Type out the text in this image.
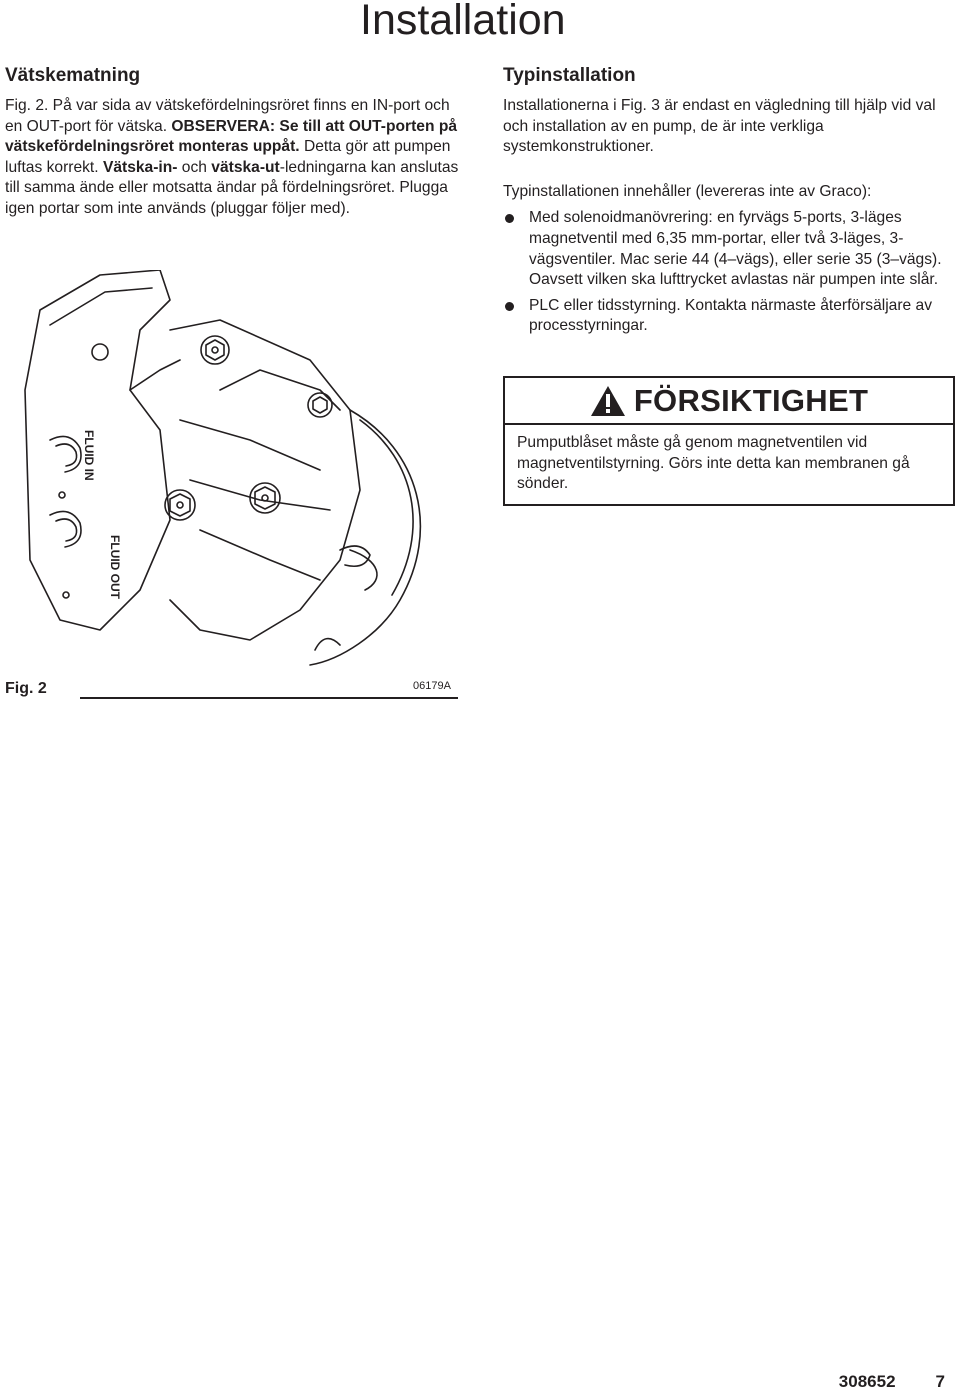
Installation
Vätskematning

Fig. 2. På var sida av vätskefördelningsröret finns en IN-port och en OUT-port för vätska. OBSERVERA: Se till att OUT-porten på vätskefördelningsröret monteras uppåt. Detta gör att pumpen luftas korrekt. Vätska-in- och vätska-ut-ledningarna kan anslutas till samma ände eller motsatta ändar på fördelningsröret. Plugga igen portar som inte används (pluggar följer med).

Typinstallation

Installationerna i Fig. 3 är endast en vägledning till hjälp vid val och installation av en pump, de är inte verkliga systemkonstruktioner.

Typinstallationen innehåller (levereras inte av Graco):

Med solenoidmanövrering: en fyrvägs 5-ports, 3-läges magnetventil med 6,35 mm-portar, eller två 3-läges, 3-vägsventiler. Mac serie 44 (4–vägs), eller serie 35 (3–vägs). Oavsett vilken ska lufttrycket avlastas när pumpen inte slår.
PLC eller tidsstyrning. Kontakta närmaste återförsäljare av processtyrningar.
FÖRSIKTIGHET

Pumputblåset måste gå genom magnetventilen vid magnetventilstyrning. Görs inte detta kan membranen gå sönder.

FLUID IN
FLUID OUT
Fig. 2	06179A
308652 7
